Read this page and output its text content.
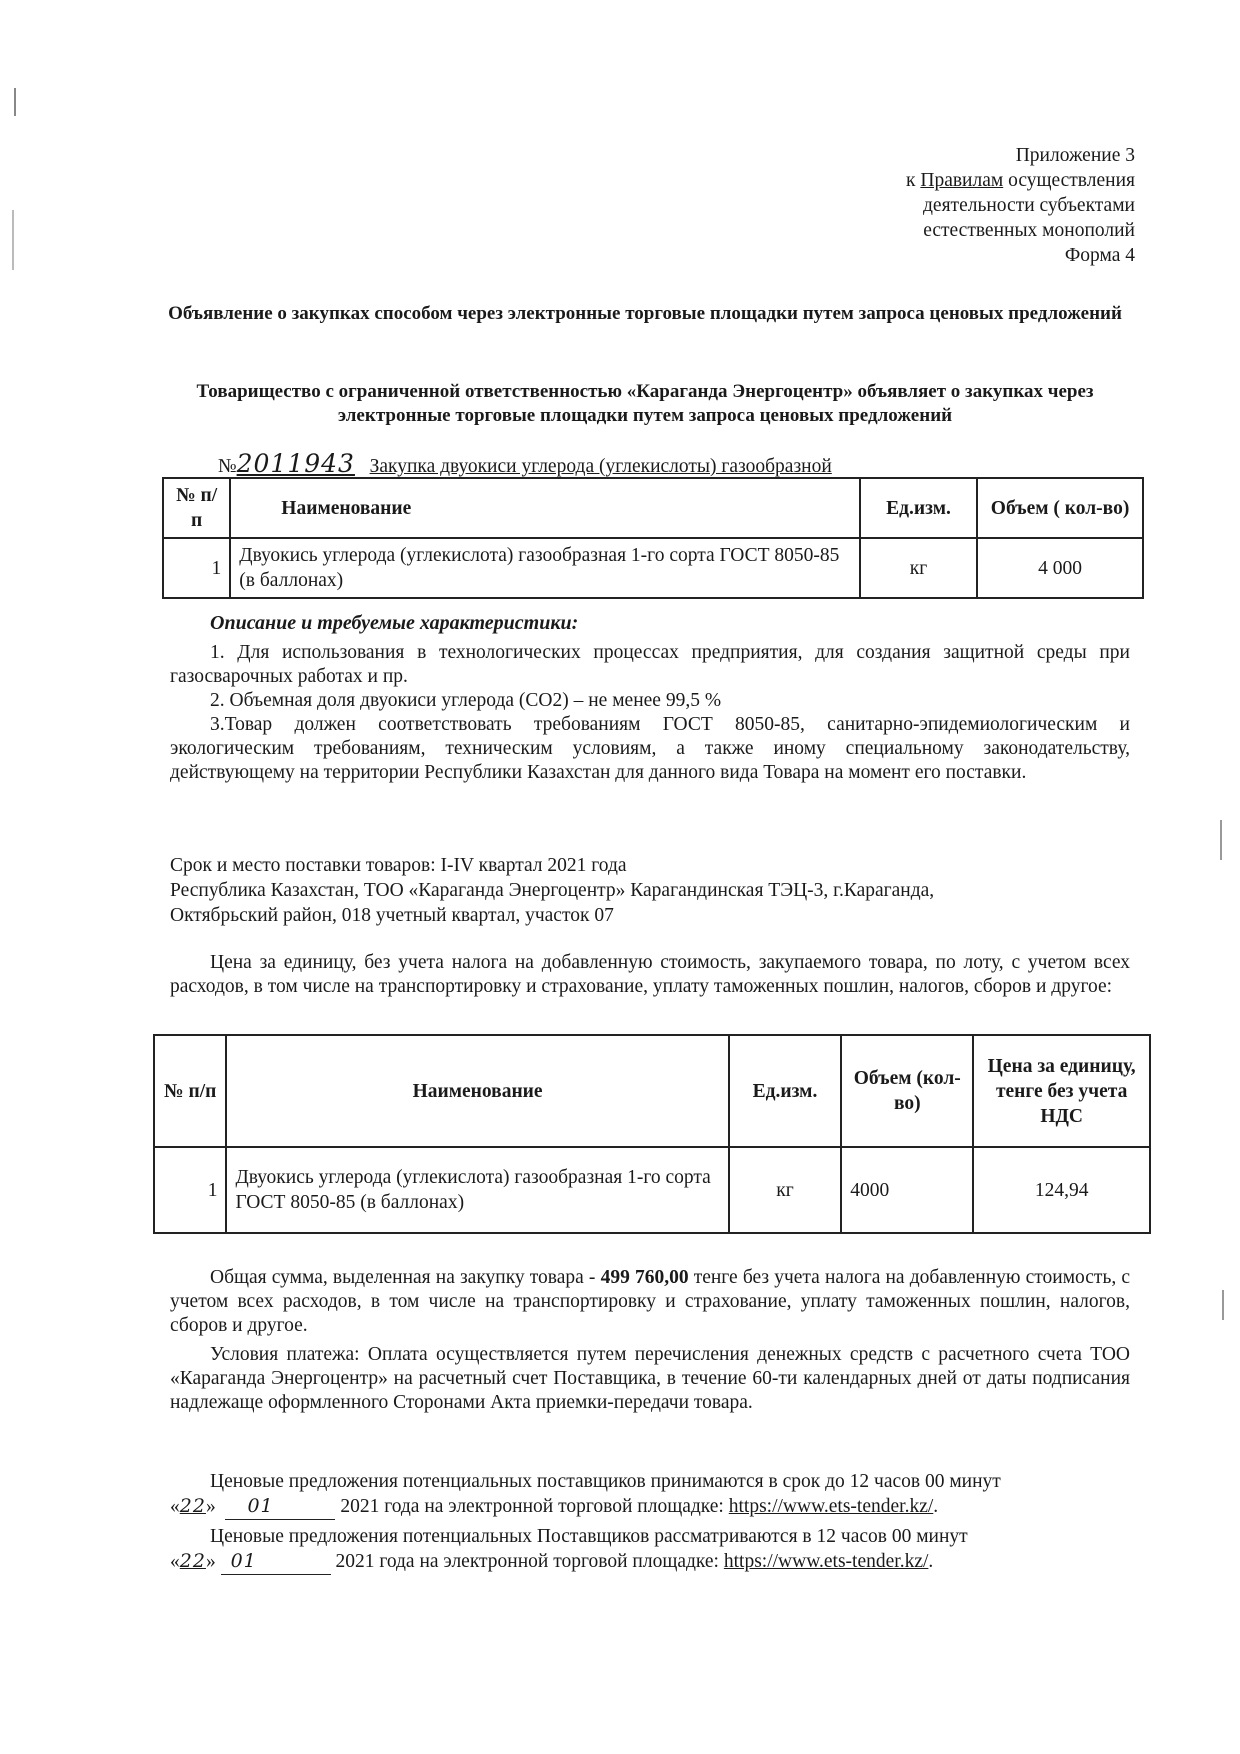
Приложение 3
к Правилам осуществления
деятельности субъектами
естественных монополий
Форма 4
Объявление о закупках способом через электронные торговые площадки путем запроса ценовых предложений
Товарищество с ограниченной ответственностью «Караганда Энергоцентр» объявляет о закупках через электронные торговые площадки путем запроса ценовых предложений
№2011943 Закупка двуокиси углерода (углекислоты) газообразной
№ п/п	Наименование	Ед.изм.	Объем ( кол-во)
1	Двуокись углерода (углекислота) газообразная 1-го сорта ГОСТ 8050-85 (в баллонах)	кг	4 000
Описание и требуемые характеристики:

1. Для использования в технологических процессах предприятия, для создания защитной среды при газосварочных работах и пр.

2. Объемная доля двуокиси углерода (СО2) – не менее 99,5 %

3.Товар должен соответствовать требованиям ГОСТ 8050-85, санитарно-эпидемиологическим и экологическим требованиям, техническим условиям, а также иному специальному законодательству, действующему на территории Республики Казахстан для данного вида Товара на момент его поставки.

Срок и место поставки товаров: I-IV квартал 2021 года
Республика Казахстан, ТОО «Караганда Энергоцентр» Карагандинская ТЭЦ-3, г.Караганда,
Октябрьский район, 018 учетный квартал, участок 07

Цена за единицу, без учета налога на добавленную стоимость, закупаемого товара, по лоту, с учетом всех расходов, в том числе на транспортировку и страхование, уплату таможенных пошлин, налогов, сборов и другое:

№ п/п	Наименование	Ед.изм.	Объем (кол-во)	Цена за единицу, тенге без учета НДС
1	Двуокись углерода (углекислота) газообразная 1-го сорта ГОСТ 8050-85 (в баллонах)	кг	4000	124,94

Общая сумма, выделенная на закупку товара - 499 760,00 тенге без учета налога на добавленную стоимость, с учетом всех расходов, в том числе на транспортировку и страхование, уплату таможенных пошлин, налогов, сборов и другое.

Условия платежа: Оплата осуществляется путем перечисления денежных средств с расчетного счета ТОО «Караганда Энергоцентр» на расчетный счет Поставщика, в течение 60-ти календарных дней от даты подписания надлежаще оформленного Сторонами Акта приемки-передачи товара.

Ценовые предложения потенциальных поставщиков принимаются в срок до 12 часов 00 минут

«22»  01	2021 года на электронной торговой площадке: https://www.ets-tender.kz/.

Ценовые предложения потенциальных Поставщиков рассматриваются в 12 часов 00 минут

«22» 01	2021 года на электронной торговой площадке: https://www.ets-tender.kz/.
